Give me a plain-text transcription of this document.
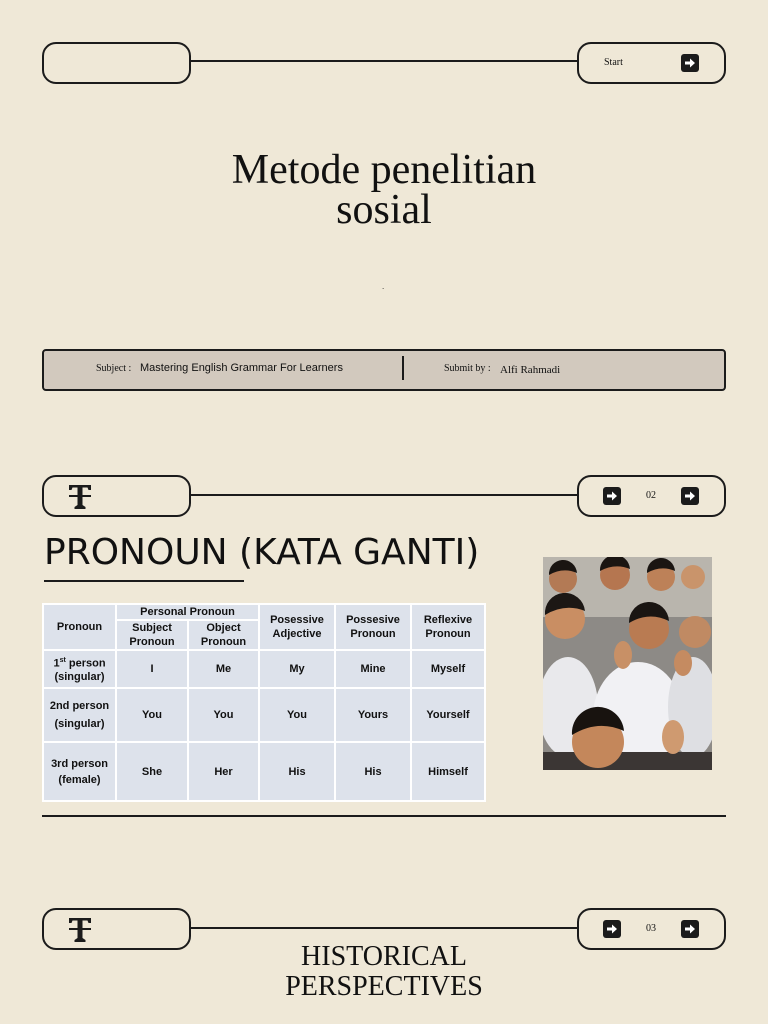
Start
Metode penelitian
sosial
.
Subject : Mastering English Grammar For Learners	Submit by : Alfi Rahmadi
02
PRONOUN (KATA GANTI)
Pronoun	Personal Pronoun		Posessive Adjective	Possesive Pronoun	Reflexive Pronoun
	Subject Pronoun	Object Pronoun			
1st person (singular)	I	Me	My	Mine	Myself
2nd person (singular)	You	You	You	Yours	Yourself
3rd person (female)	She	Her	His	His	Himself
03
HISTORICAL
PERSPECTIVES
